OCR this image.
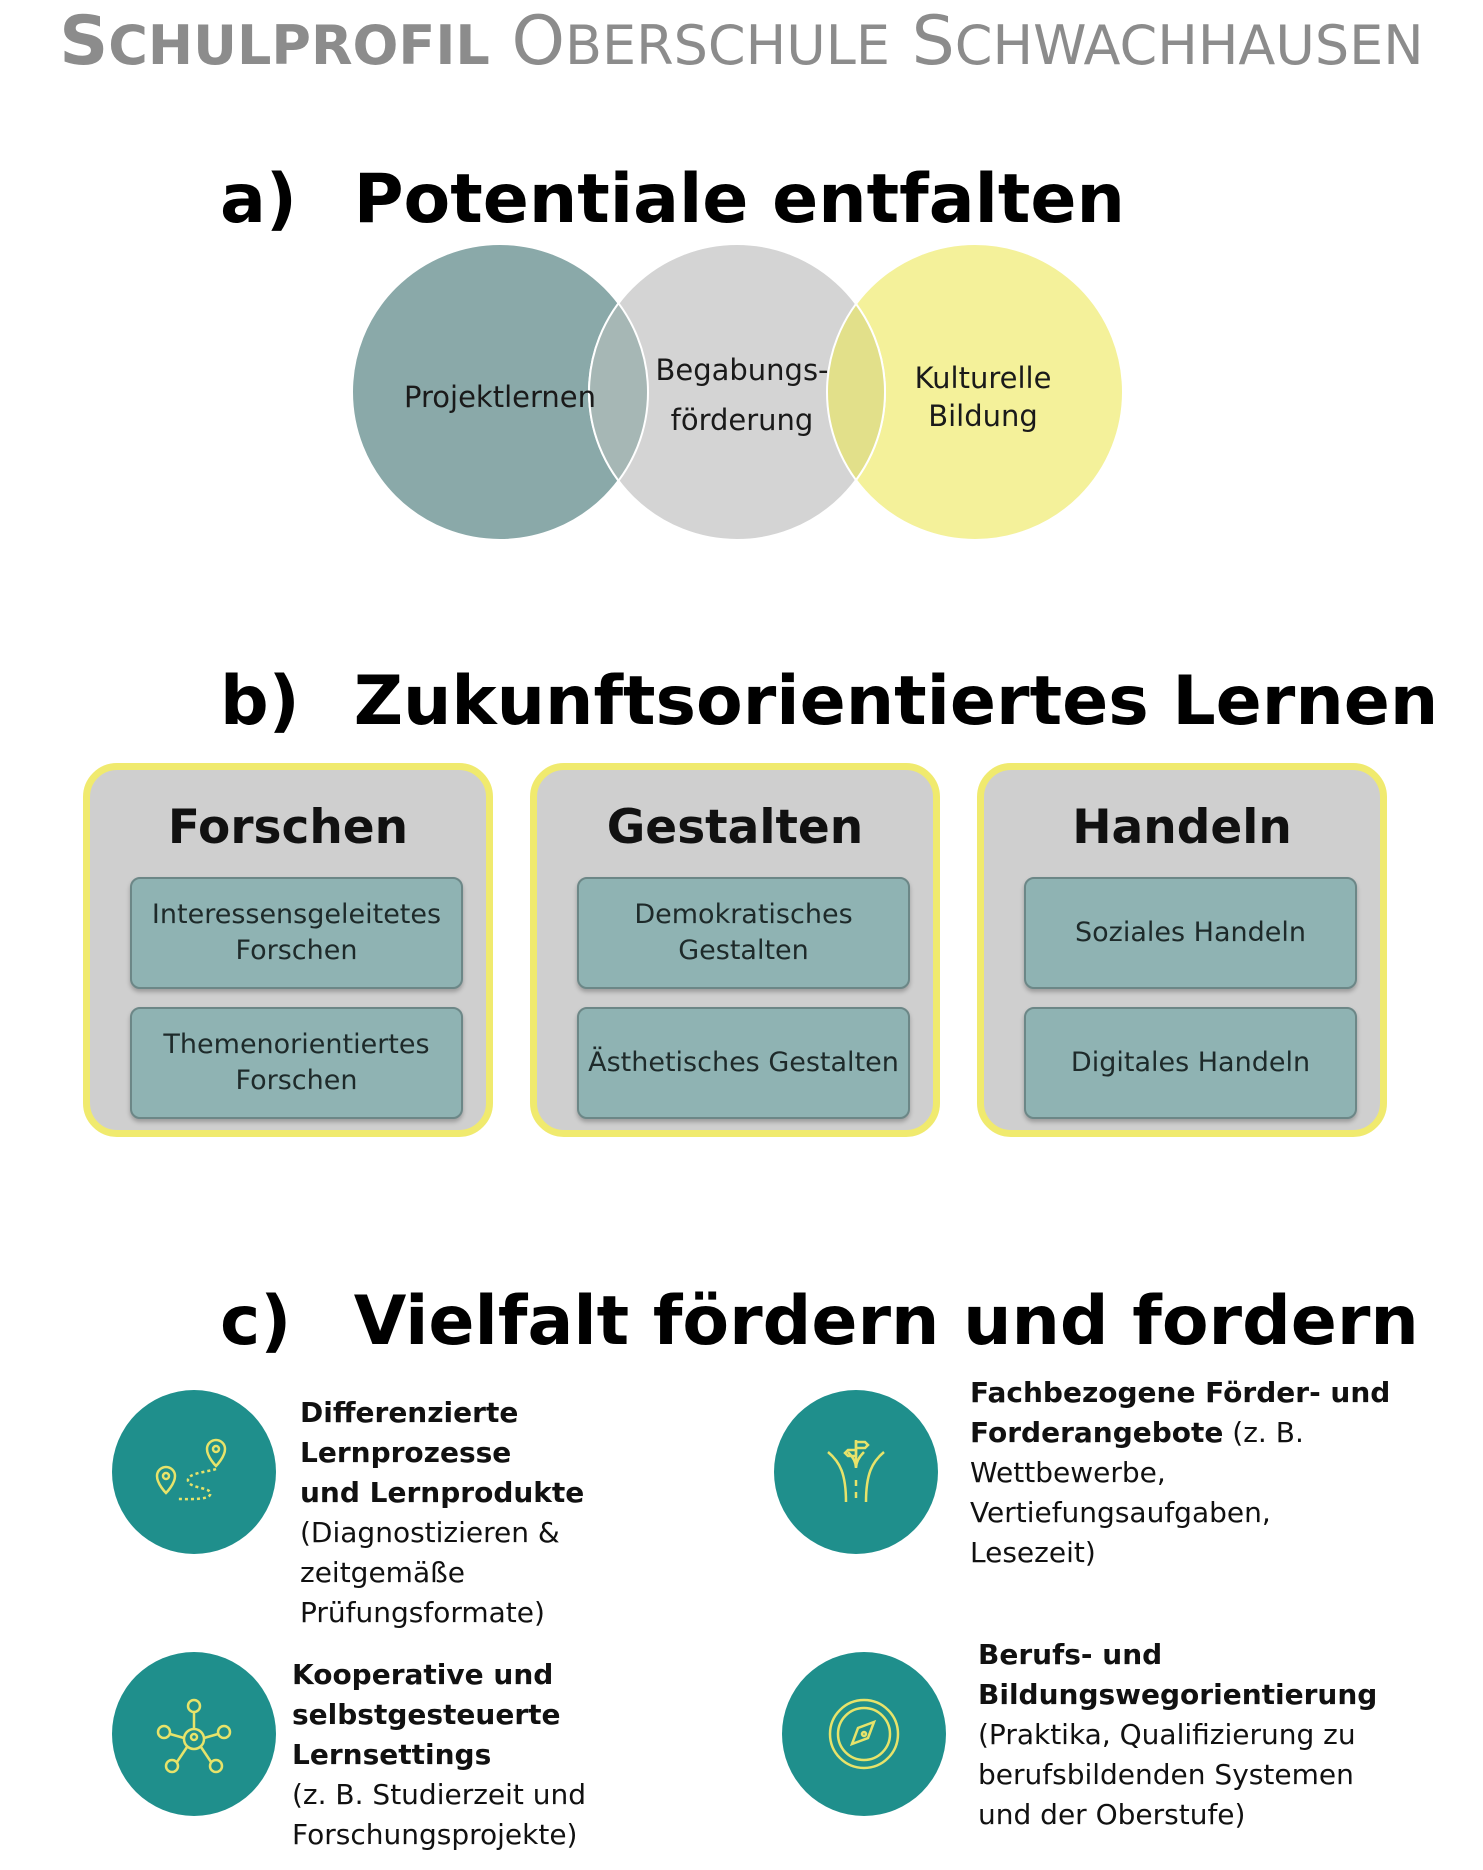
SCHULPROFIL OBERSCHULE SCHWACHHAUSEN
a) Potentiale entfalten
Projektlernen
Begabungs-
förderung
Kulturelle
Bildung
b) Zukunftsorientiertes Lernen
Forschen
Interessensgeleitetes
Forschen
Themenorientiertes
Forschen
Gestalten
Demokratisches
Gestalten
Ästhetisches Gestalten
Handeln
Soziales Handeln
Digitales Handeln
c) Vielfalt fördern und fordern
Differenzierte Lernprozesse
und Lernprodukte
(Diagnostizieren & zeitgemäße
Prüfungsformate)
Fachbezogene Förder- und
Forderangebote (z. B.
Wettbewerbe,
Vertiefungsaufgaben,
Lesezeit)
Kooperative und
selbstgesteuerte Lernsettings
(z. B. Studierzeit und
Forschungsprojekte)
Berufs- und
Bildungswegorientierung
(Praktika, Qualifizierung zu
berufsbildenden Systemen
und der Oberstufe)
